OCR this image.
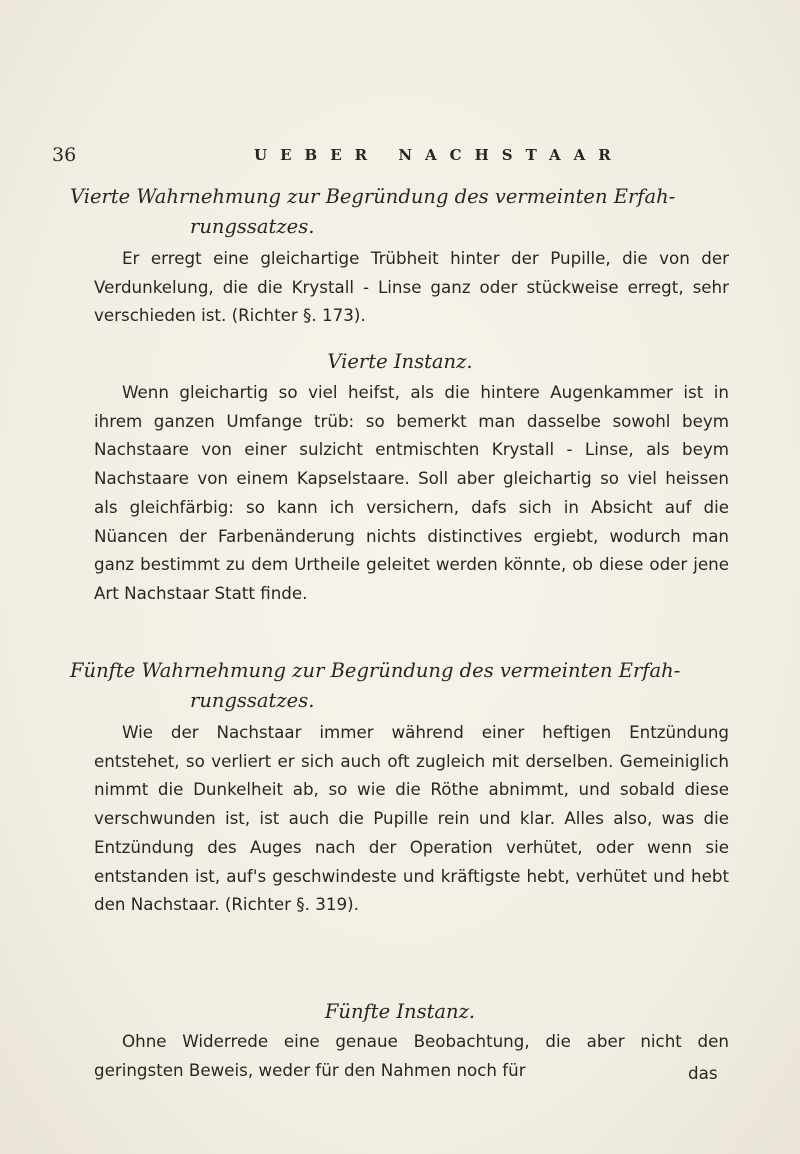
36	UEBER NACHSTAAR
Vierte Wahrnehmung zur Begründung des vermeinten Erfah-
rungssatzes.
Er erregt eine gleichartige Trübheit hinter der Pupille, die von der Verdunkelung, die die Krystall - Linse ganz oder stückweise erregt, sehr verschieden ist. (Richter §. 173).
Vierte Instanz.
Wenn gleichartig so viel heifst, als die hintere Augenkammer ist in ihrem ganzen Umfange trüb: so bemerkt man dasselbe sowohl beym Nachstaare von einer sulzicht entmischten Krystall - Linse, als beym Nachstaare von einem Kapselstaare. Soll aber gleichartig so viel heissen als gleichfärbig: so kann ich versichern, dafs sich in Absicht auf die Nüancen der Farbenänderung nichts distinctives ergiebt, wodurch man ganz bestimmt zu dem Urtheile geleitet werden könnte, ob diese oder jene Art Nachstaar Statt finde.
Fünfte Wahrnehmung zur Begründung des vermeinten Erfah-
rungssatzes.
Wie der Nachstaar immer während einer heftigen Entzündung entstehet, so verliert er sich auch oft zugleich mit derselben. Gemeiniglich nimmt die Dunkelheit ab, so wie die Röthe abnimmt, und sobald diese verschwunden ist, ist auch die Pupille rein und klar. Alles also, was die Entzündung des Auges nach der Operation verhütet, oder wenn sie entstanden ist, auf's geschwindeste und kräftigste hebt, verhütet und hebt den Nachstaar. (Richter §. 319).
Fünfte Instanz.
Ohne Widerrede eine genaue Beobachtung, die aber nicht den geringsten Beweis, weder für den Nahmen noch für	das
